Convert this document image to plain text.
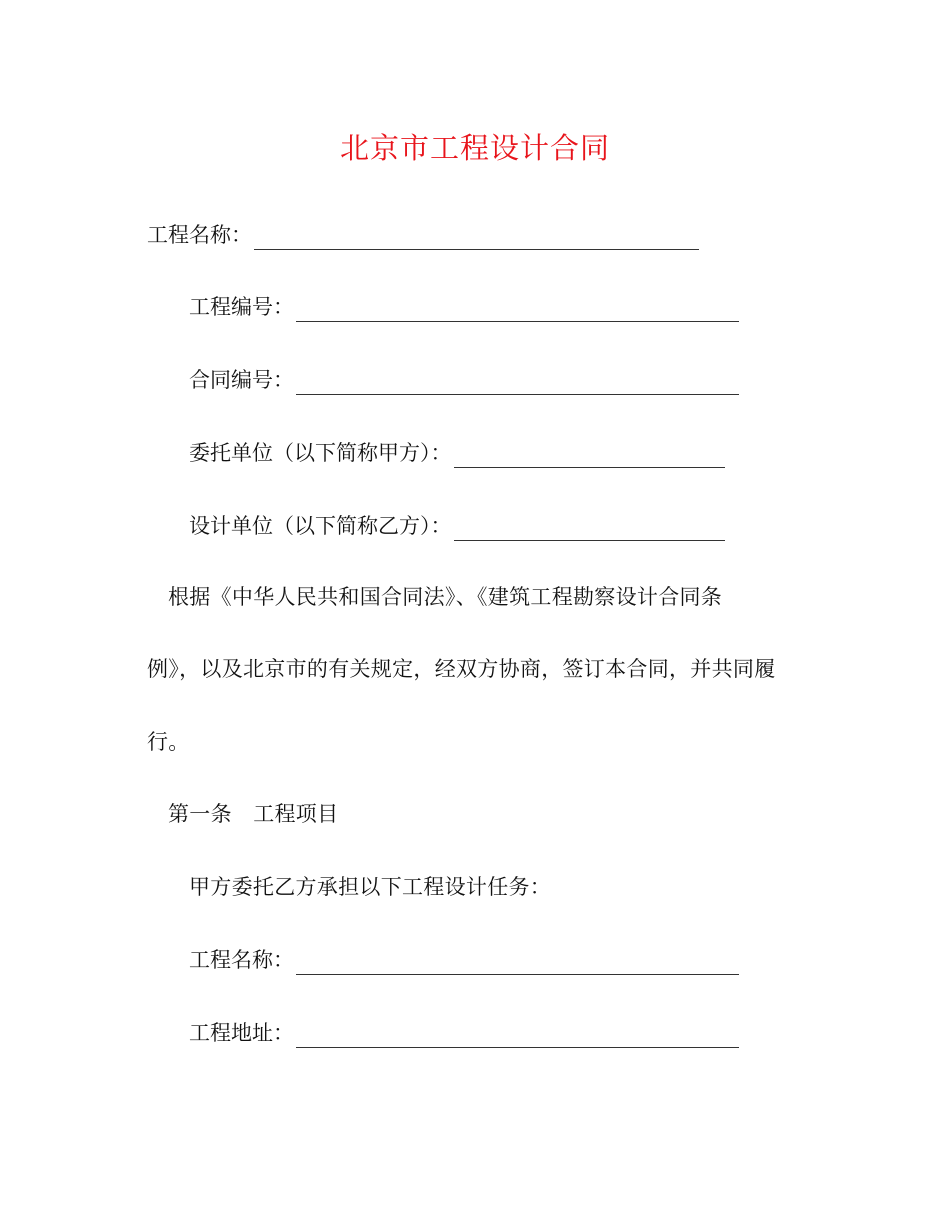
北京市工程设计合同
工程名称：
工程编号：
合同编号：
委托单位（以下简称甲方）：
设计单位（以下简称乙方）：
根据《中华人民共和国合同法》、《建筑工程勘察设计合同条
例》，以及北京市的有关规定，经双方协商，签订本合同，并共同履
行。
第一条　工程项目
甲方委托乙方承担以下工程设计任务：
工程名称：
工程地址：
